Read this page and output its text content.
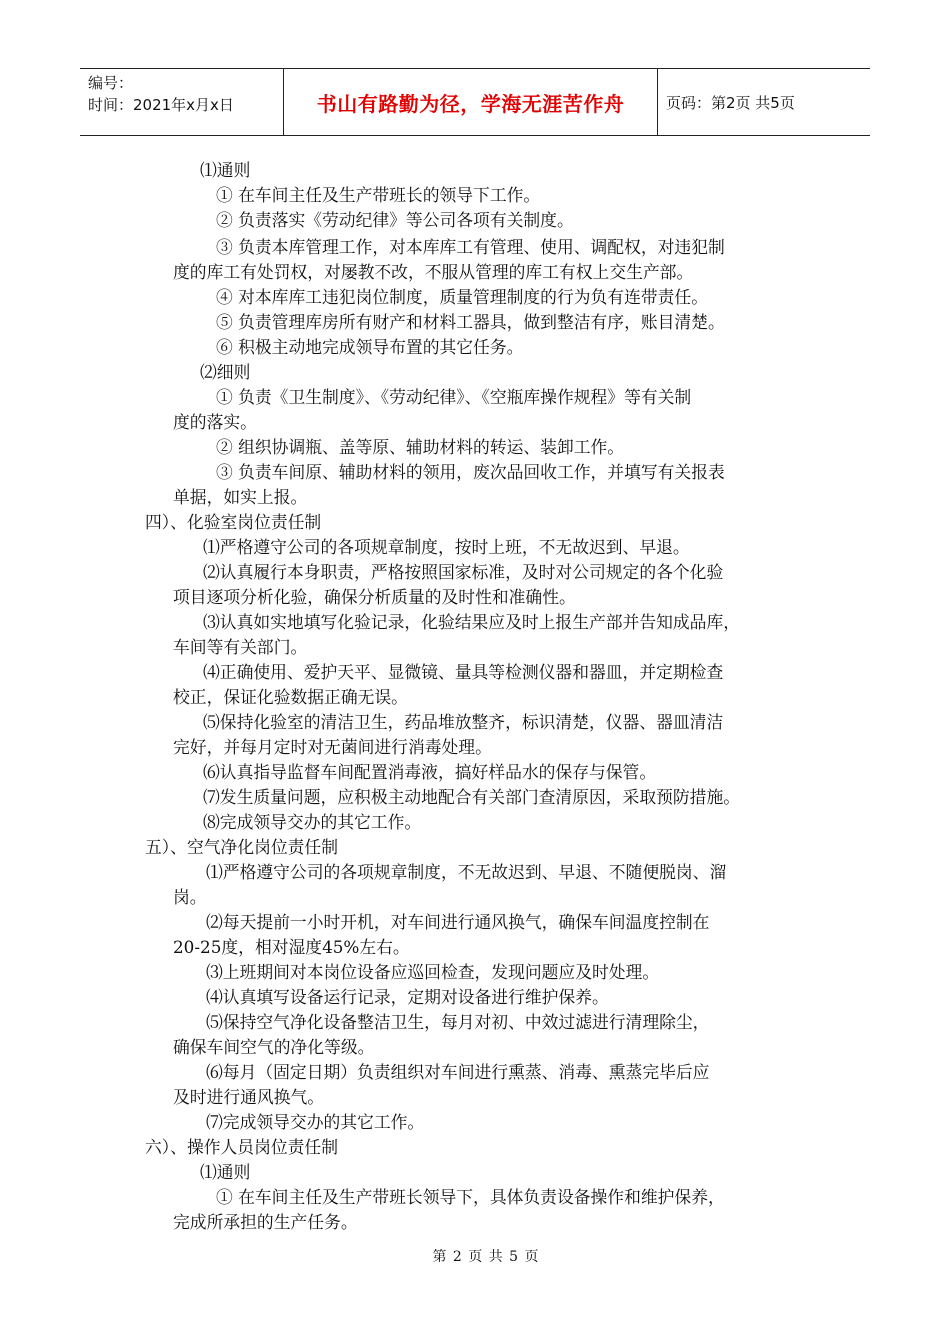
编号：
时间：2021年x月x日	书山有路勤为径，学海无涯苦作舟	页码：第2页 共5页
⑴通则
① 在车间主任及生产带班长的领导下工作。
② 负责落实《劳动纪律》等公司各项有关制度。
③ 负责本库管理工作，对本库库工有管理、使用、调配权，对违犯制
度的库工有处罚权，对屡教不改，不服从管理的库工有权上交生产部。
④ 对本库库工违犯岗位制度，质量管理制度的行为负有连带责任。
⑤ 负责管理库房所有财产和材料工器具，做到整洁有序，账目清楚。
⑥ 积极主动地完成领导布置的其它任务。
⑵细则
① 负责《卫生制度》、《劳动纪律》、《空瓶库操作规程》等有关制
度的落实。
② 组织协调瓶、盖等原、辅助材料的转运、装卸工作。
③ 负责车间原、辅助材料的领用，废次品回收工作，并填写有关报表
单据，如实上报。
四）、化验室岗位责任制
⑴严格遵守公司的各项规章制度，按时上班，不无故迟到、早退。
⑵认真履行本身职责，严格按照国家标准，及时对公司规定的各个化验
项目逐项分析化验，确保分析质量的及时性和准确性。
⑶认真如实地填写化验记录，化验结果应及时上报生产部并告知成品库，
车间等有关部门。
⑷正确使用、爱护天平、显微镜、量具等检测仪器和器皿，并定期检查
校正，保证化验数据正确无误。
⑸保持化验室的清洁卫生，药品堆放整齐，标识清楚，仪器、器皿清洁
完好，并每月定时对无菌间进行消毒处理。
⑹认真指导监督车间配置消毒液，搞好样品水的保存与保管。
⑺发生质量问题，应积极主动地配合有关部门查清原因，采取预防措施。
⑻完成领导交办的其它工作。
五）、空气净化岗位责任制
⑴严格遵守公司的各项规章制度，不无故迟到、早退、不随便脱岗、溜
岗。
⑵每天提前一小时开机，对车间进行通风换气，确保车间温度控制在
20-25度，相对湿度45%左右。
⑶上班期间对本岗位设备应巡回检查，发现问题应及时处理。
⑷认真填写设备运行记录，定期对设备进行维护保养。
⑸保持空气净化设备整洁卫生，每月对初、中效过滤进行清理除尘，
确保车间空气的净化等级。
⑹每月（固定日期）负责组织对车间进行熏蒸、消毒、熏蒸完毕后应
及时进行通风换气。
⑺完成领导交办的其它工作。
六）、操作人员岗位责任制
⑴通则
① 在车间主任及生产带班长领导下，具体负责设备操作和维护保养，
完成所承担的生产任务。
第 2 页 共 5 页
